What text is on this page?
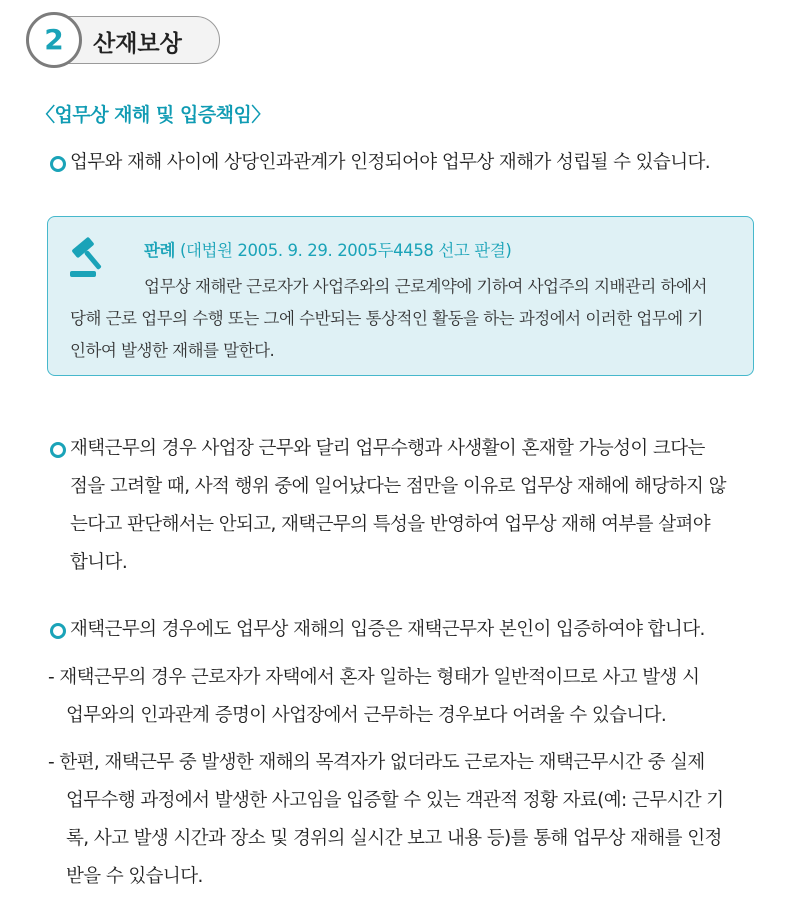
산재보상
2
〈업무상 재해 및 입증책임〉
업무와 재해 사이에 상당인과관계가 인정되어야 업무상 재해가 성립될 수 있습니다.
판례 (대법원 2005. 9. 29. 2005두4458 선고 판결)
업무상 재해란 근로자가 사업주와의 근로계약에 기하여 사업주의 지배관리 하에서
당해 근로 업무의 수행 또는 그에 수반되는 통상적인 활동을 하는 과정에서 이러한 업무에 기
인하여 발생한 재해를 말한다.
재택근무의 경우 사업장 근무와 달리 업무수행과 사생활이 혼재할 가능성이 크다는
점을 고려할 때, 사적 행위 중에 일어났다는 점만을 이유로 업무상 재해에 해당하지 않
는다고 판단해서는 안되고, 재택근무의 특성을 반영하여 업무상 재해 여부를 살펴야
합니다.
재택근무의 경우에도 업무상 재해의 입증은 재택근무자 본인이 입증하여야 합니다.
- 재택근무의 경우 근로자가 자택에서 혼자 일하는 형태가 일반적이므로 사고 발생 시
업무와의 인과관계 증명이 사업장에서 근무하는 경우보다 어려울 수 있습니다.
- 한편, 재택근무 중 발생한 재해의 목격자가 없더라도 근로자는 재택근무시간 중 실제
업무수행 과정에서 발생한 사고임을 입증할 수 있는 객관적 정황 자료(예: 근무시간 기
록, 사고 발생 시간과 장소 및 경위의 실시간 보고 내용 등)를 통해 업무상 재해를 인정
받을 수 있습니다.
